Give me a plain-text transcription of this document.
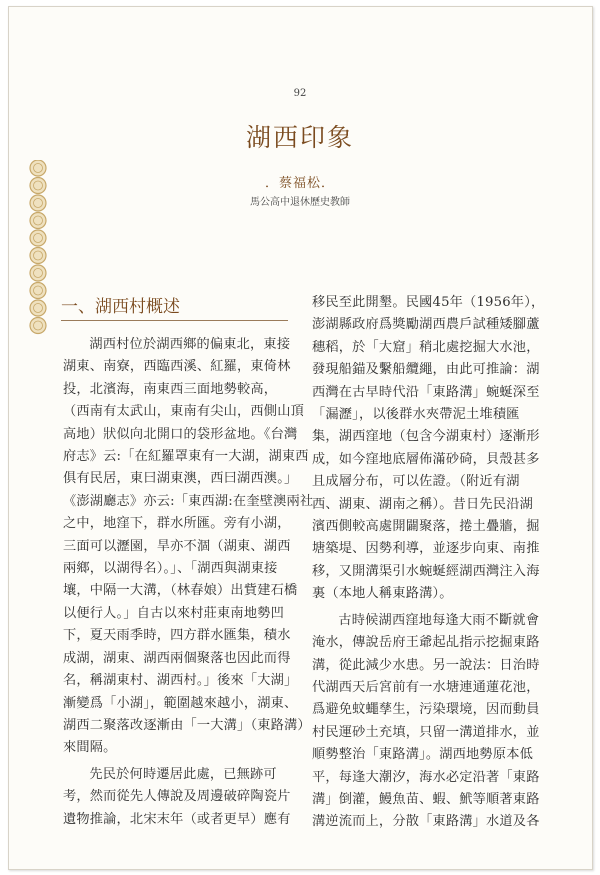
92
湖西印象
．蔡福松．
馬公高中退休歷史教師
一、湖西村概述

湖西村位於湖西鄉的偏東北，東接

湖東、南寮，西臨西溪、紅羅，東倚林

投，北濱海，南東西三面地勢較高，

（西南有太武山，東南有尖山，西側山頂

高地）狀似向北開口的袋形盆地。《台灣

府志》云:「在紅羅罩東有一大湖，湖東西

俱有民居，東曰湖東澳，西曰湖西澳。」

《澎湖廳志》亦云:「東西湖:在奎壁澳兩社

之中，地窪下，群水所匯。旁有小湖，

三面可以瀝園，旱亦不涸（湖東、湖西

兩鄉，以湖得名）。」、「湖西與湖東接

壤，中隔一大溝，（林春娘）出貲建石橋

以便行人。」自古以來村莊東南地勢凹

下，夏天雨季時，四方群水匯集，積水

成湖，湖東、湖西兩個聚落也因此而得

名，稱湖東村、湖西村。」後來「大湖」

漸變爲「小湖」，範圍越來越小，湖東、

湖西二聚落改逐漸由「一大溝」（東路溝）

來間隔。

先民於何時遷居此處，已無跡可

考，然而從先人傳說及周邊破碎陶瓷片

遺物推論，北宋末年（或者更早）應有

移民至此開墾。民國45年（1956年），

澎湖縣政府爲獎勵湖西農戶試種矮腳蘆

穗稻，於「大窟」稍北處挖掘大水池，

發現船錨及繫船纜繩，由此可推論：湖

西灣在古早時代沿「東路溝」蜿蜒深至

「漏瀝」，以後群水夾帶泥土堆積匯

集，湖西窪地（包含今湖東村）逐漸形

成，如今窪地底層佈滿砂碕，貝殼甚多

且成層分布，可以佐證。（附近有湖

西、湖東、湖南之稱）。昔日先民沿湖

濱西側較高處開闢聚落，捲土疊牆，掘

塘築堤、因勢利導，並逐步向東、南推

移，又開溝渠引水蜿蜒經湖西灣注入海

裏（本地人稱東路溝）。

古時候湖西窪地每逢大雨不斷就會

淹水，傳說岳府王爺起乩指示挖掘東路

溝，從此減少水患。另一說法：日治時

代湖西天后宮前有一水塘連通蓮花池，

爲避免蚊蠅孳生，污染環境，因而動員

村民運砂土充填，只留一溝道排水，並

順勢整治「東路溝」。湖西地勢原本低

平，每逢大潮汐，海水必定沿著「東路

溝」倒灌，鰻魚苗、蝦、鮘等順著東路

溝逆流而上，分散「東路溝」水道及各
